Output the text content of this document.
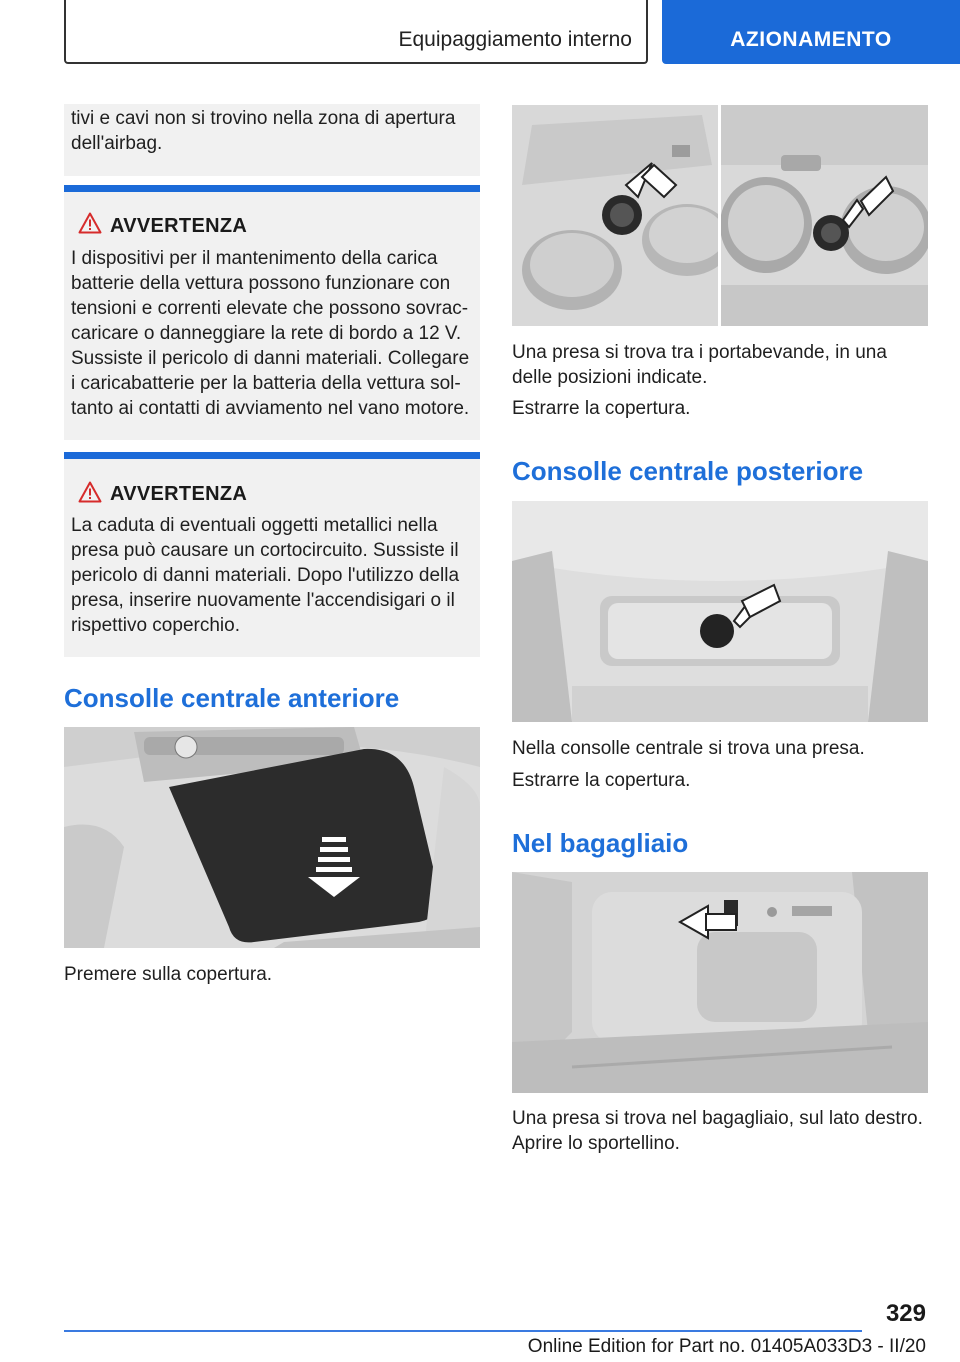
Equipaggiamento interno	AZIONAMENTO
tivi e cavi non si trovino nella zona di apertura dell'airbag.
AVVERTENZA
I dispositivi per il mantenimento della carica batterie della vettura possono funzionare con tensioni e correnti elevate che possono sovrac-caricare o danneggiare la rete di bordo a 12 V. Sussiste il pericolo di danni materiali. Collegare i caricabatterie per la batteria della vettura sol-tanto ai contatti di avviamento nel vano motore.
AVVERTENZA
La caduta di eventuali oggetti metallici nella presa può causare un cortocircuito. Sussiste il pericolo di danni materiali. Dopo l'utilizzo della presa, inserire nuovamente l'accendisigari o il rispettivo coperchio.
Consolle centrale anteriore
Premere sulla copertura.
Una presa si trova tra i portabevande, in una delle posizioni indicate.
Estrarre la copertura.
Consolle centrale posteriore
Nella consolle centrale si trova una presa.
Estrarre la copertura.
Nel bagagliaio
Una presa si trova nel bagagliaio, sul lato destro. Aprire lo sportellino.
329
Online Edition for Part no. 01405A033D3 - II/20
